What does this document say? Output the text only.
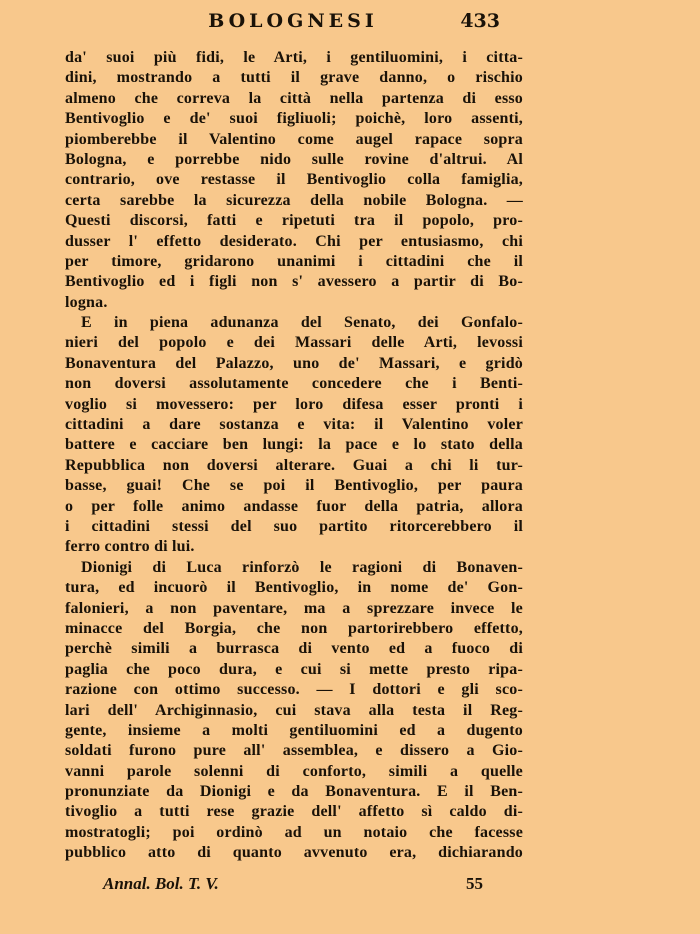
BOLOGNESI	433
da' suoi più fidi, le Arti, i gentiluomini, i citta-
dini, mostrando a tutti il grave danno, o rischio
almeno che correva la città nella partenza di esso
Bentivoglio e de' suoi figliuoli; poichè, loro assenti,
piomberebbe il Valentino come augel rapace sopra
Bologna, e porrebbe nido sulle rovine d'altrui. Al
contrario, ove restasse il Bentivoglio colla famiglia,
certa sarebbe la sicurezza della nobile Bologna. —
Questi discorsi, fatti e ripetuti tra il popolo, pro-
dusser l' effetto desiderato. Chi per entusiasmo, chi
per timore, gridarono unanimi i cittadini che il
Bentivoglio ed i figli non s' avessero a partir di Bo-
logna.
E in piena adunanza del Senato, dei Gonfalo-
nieri del popolo e dei Massari delle Arti, levossi
Bonaventura del Palazzo, uno de' Massari, e gridò
non doversi assolutamente concedere che i Benti-
voglio si movessero: per loro difesa esser pronti i
cittadini a dare sostanza e vita: il Valentino voler
battere e cacciare ben lungi: la pace e lo stato della
Repubblica non doversi alterare. Guai a chi li tur-
basse, guai! Che se poi il Bentivoglio, per paura
o per folle animo andasse fuor della patria, allora
i cittadini stessi del suo partito ritorcerebbero il
ferro contro di lui.
Dionigi di Luca rinforzò le ragioni di Bonaven-
tura, ed incuorò il Bentivoglio, in nome de' Gon-
falonieri, a non paventare, ma a sprezzare invece le
minacce del Borgia, che non partorirebbero effetto,
perchè simili a burrasca di vento ed a fuoco di
paglia che poco dura, e cui si mette presto ripa-
razione con ottimo successo. — I dottori e gli sco-
lari dell' Archiginnasio, cui stava alla testa il Reg-
gente, insieme a molti gentiluomini ed a dugento
soldati furono pure all' assemblea, e dissero a Gio-
vanni parole solenni di conforto, simili a quelle
pronunziate da Dionigi e da Bonaventura. E il Ben-
tivoglio a tutti rese grazie dell' affetto sì caldo di-
mostratogli; poi ordinò ad un notaio che facesse
pubblico atto di quanto avvenuto era, dichiarando
Annal. Bol. T. V.	55
